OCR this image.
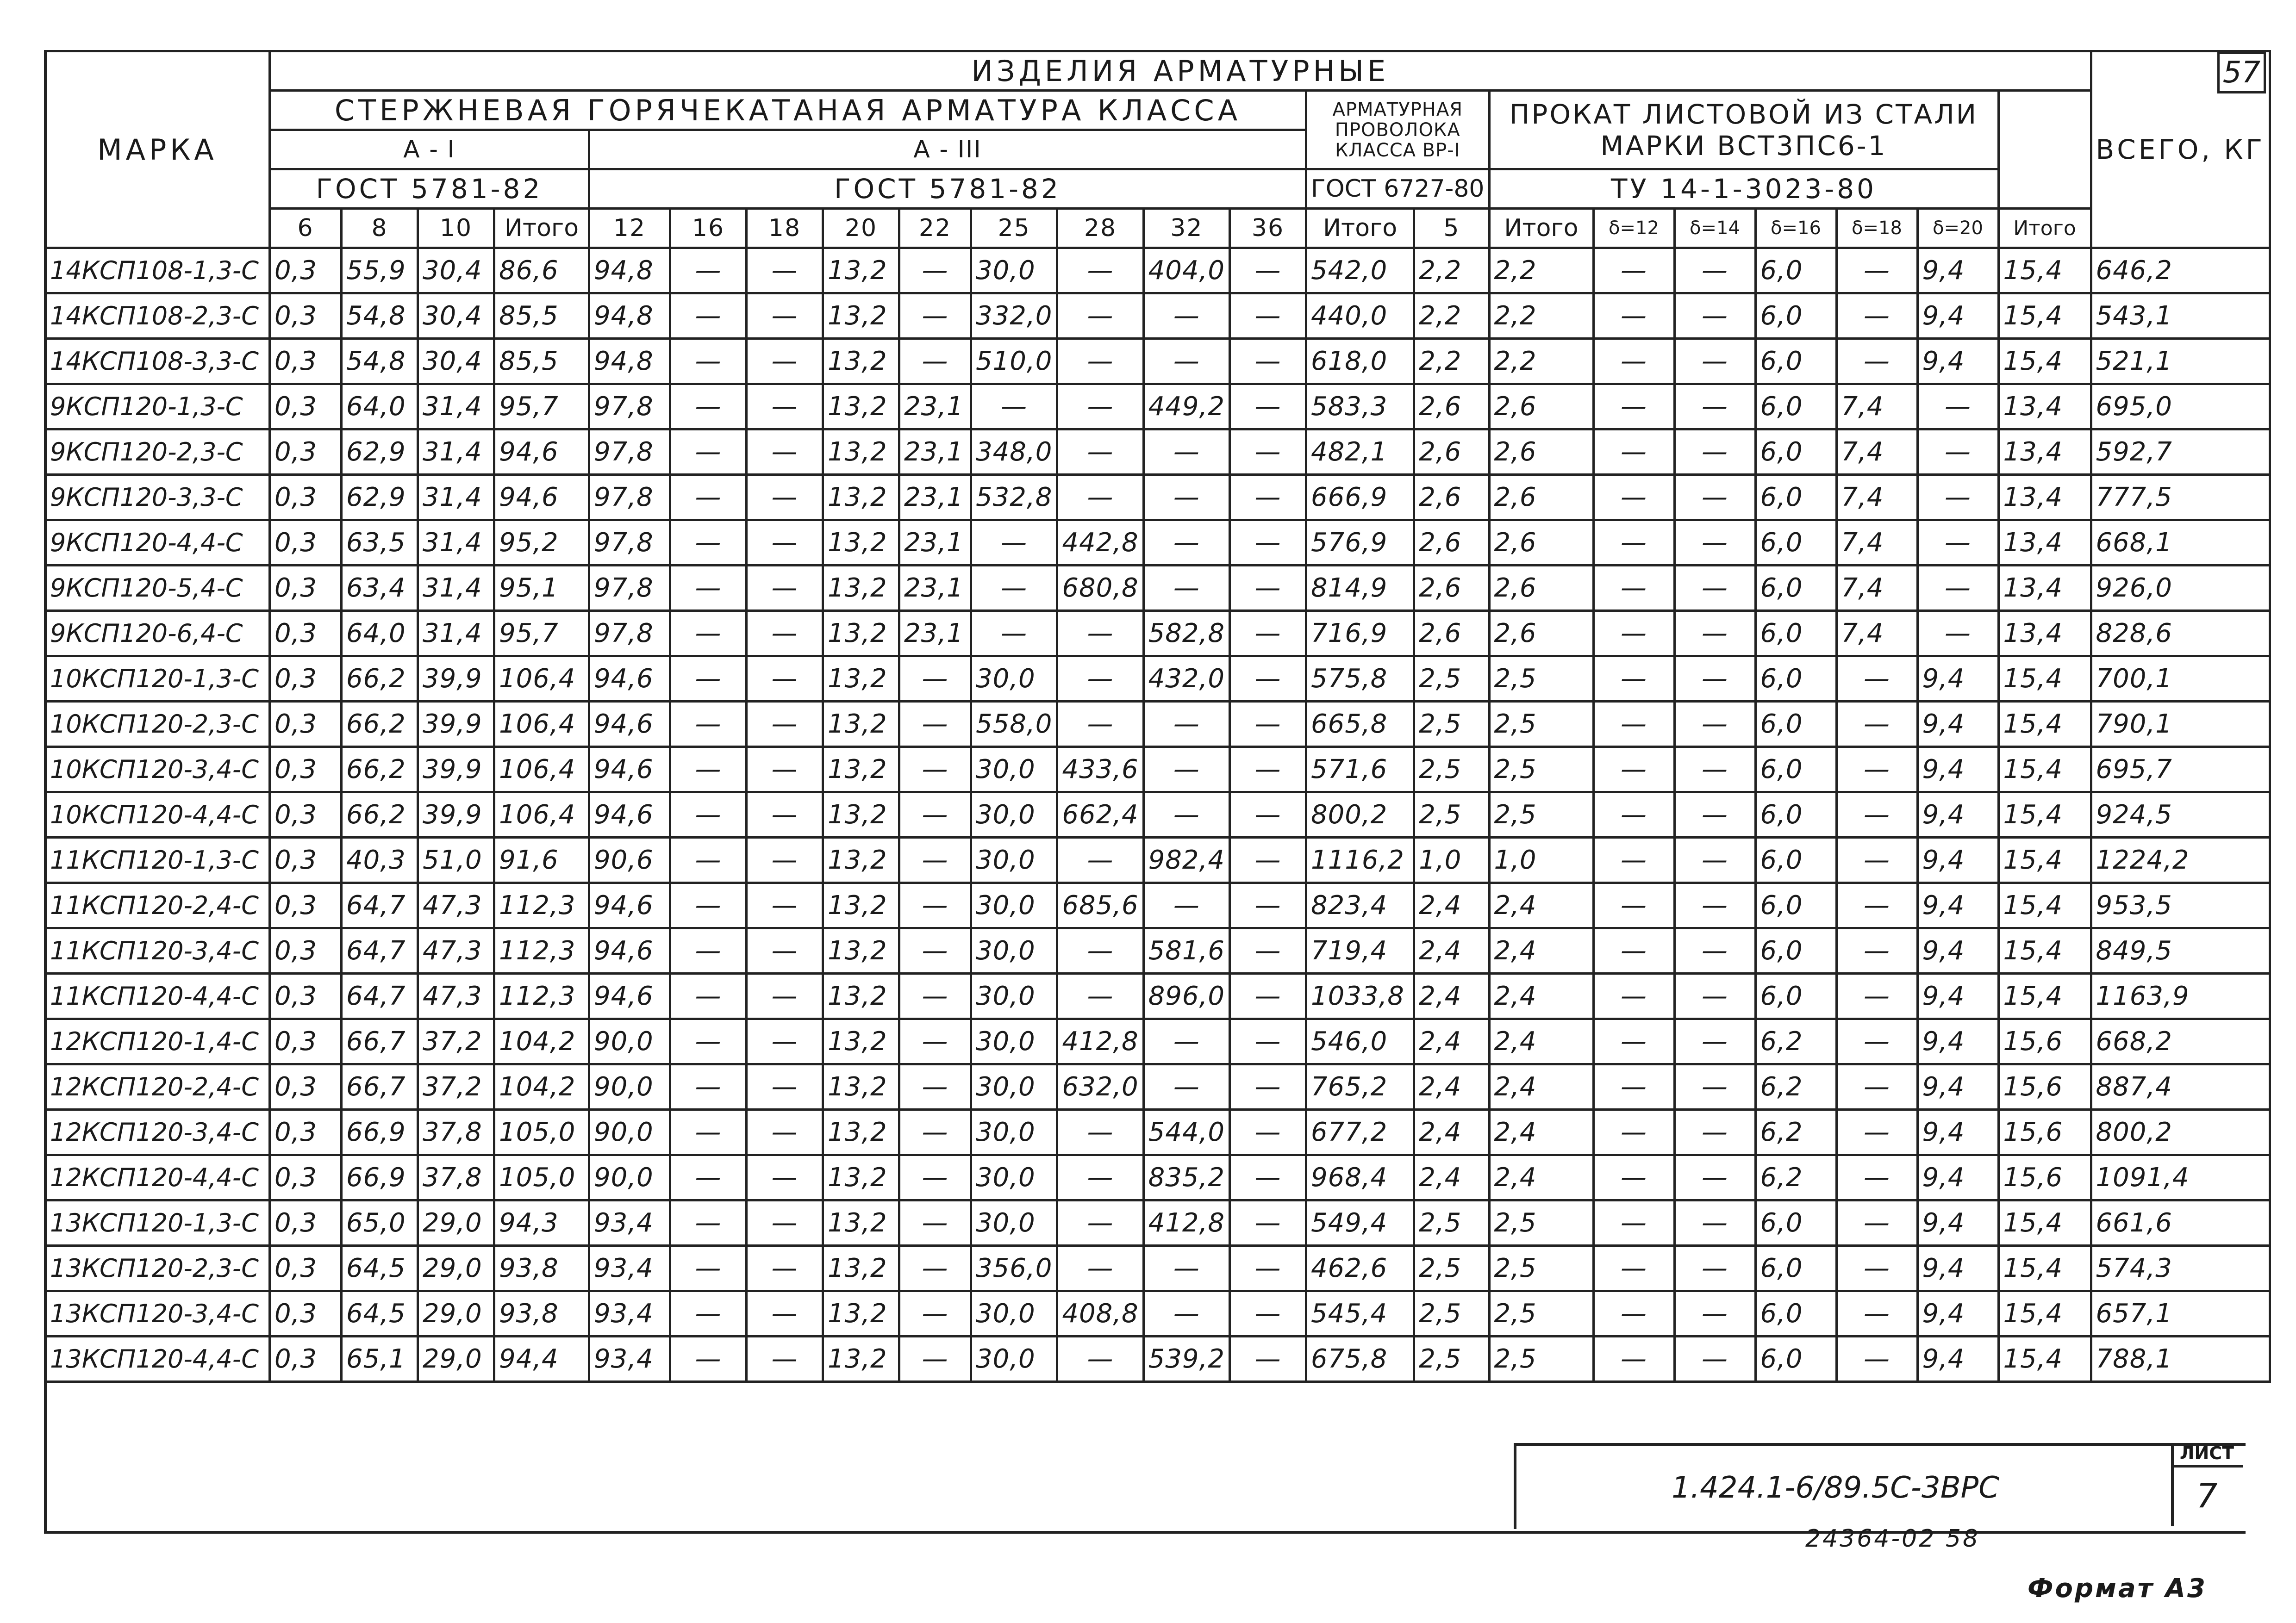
МАРКА	ИЗДЕЛИЯ АРМАТУРНЫЕ																						ВСЕГО, КГ
	СТЕРЖНЕВАЯ ГОРЯЧЕКАТАНАЯ АРМАТУРА КЛАССА													АРМАТУРНАЯ ПРОВОЛОКА КЛАССА ВР-I		ПРОКАТ ЛИСТОВОЙ ИЗ СТАЛИ МАРКИ ВСТ3ПС6-1							
	А - I				А - III																		
	ГОСТ 5781-82				ГОСТ 5781-82									ГОСТ 6727-80		ТУ 14-1-3023-80							
	6	8	10	Итого	12	16	18	20	22	25	28	32	36	Итого	5	Итого	δ=12	δ=14	δ=16	δ=18	δ=20	Итого	
14КСП108-1,3-С	0,3	55,9	30,4	86,6	94,8	—	—	13,2	—	30,0	—	404,0	—	542,0	2,2	2,2	—	—	6,0	—	9,4	15,4	646,2
14КСП108-2,3-С	0,3	54,8	30,4	85,5	94,8	—	—	13,2	—	332,0	—	—	—	440,0	2,2	2,2	—	—	6,0	—	9,4	15,4	543,1
14КСП108-3,3-С	0,3	54,8	30,4	85,5	94,8	—	—	13,2	—	510,0	—	—	—	618,0	2,2	2,2	—	—	6,0	—	9,4	15,4	521,1
9КСП120-1,3-С	0,3	64,0	31,4	95,7	97,8	—	—	13,2	23,1	—	—	449,2	—	583,3	2,6	2,6	—	—	6,0	7,4	—	13,4	695,0
9КСП120-2,3-С	0,3	62,9	31,4	94,6	97,8	—	—	13,2	23,1	348,0	—	—	—	482,1	2,6	2,6	—	—	6,0	7,4	—	13,4	592,7
9КСП120-3,3-С	0,3	62,9	31,4	94,6	97,8	—	—	13,2	23,1	532,8	—	—	—	666,9	2,6	2,6	—	—	6,0	7,4	—	13,4	777,5
9КСП120-4,4-С	0,3	63,5	31,4	95,2	97,8	—	—	13,2	23,1	—	442,8	—	—	576,9	2,6	2,6	—	—	6,0	7,4	—	13,4	668,1
9КСП120-5,4-С	0,3	63,4	31,4	95,1	97,8	—	—	13,2	23,1	—	680,8	—	—	814,9	2,6	2,6	—	—	6,0	7,4	—	13,4	926,0
9КСП120-6,4-С	0,3	64,0	31,4	95,7	97,8	—	—	13,2	23,1	—	—	582,8	—	716,9	2,6	2,6	—	—	6,0	7,4	—	13,4	828,6
10КСП120-1,3-С	0,3	66,2	39,9	106,4	94,6	—	—	13,2	—	30,0	—	432,0	—	575,8	2,5	2,5	—	—	6,0	—	9,4	15,4	700,1
10КСП120-2,3-С	0,3	66,2	39,9	106,4	94,6	—	—	13,2	—	558,0	—	—	—	665,8	2,5	2,5	—	—	6,0	—	9,4	15,4	790,1
10КСП120-3,4-С	0,3	66,2	39,9	106,4	94,6	—	—	13,2	—	30,0	433,6	—	—	571,6	2,5	2,5	—	—	6,0	—	9,4	15,4	695,7
10КСП120-4,4-С	0,3	66,2	39,9	106,4	94,6	—	—	13,2	—	30,0	662,4	—	—	800,2	2,5	2,5	—	—	6,0	—	9,4	15,4	924,5
11КСП120-1,3-С	0,3	40,3	51,0	91,6	90,6	—	—	13,2	—	30,0	—	982,4	—	1116,2	1,0	1,0	—	—	6,0	—	9,4	15,4	1224,2
11КСП120-2,4-С	0,3	64,7	47,3	112,3	94,6	—	—	13,2	—	30,0	685,6	—	—	823,4	2,4	2,4	—	—	6,0	—	9,4	15,4	953,5
11КСП120-3,4-С	0,3	64,7	47,3	112,3	94,6	—	—	13,2	—	30,0	—	581,6	—	719,4	2,4	2,4	—	—	6,0	—	9,4	15,4	849,5
11КСП120-4,4-С	0,3	64,7	47,3	112,3	94,6	—	—	13,2	—	30,0	—	896,0	—	1033,8	2,4	2,4	—	—	6,0	—	9,4	15,4	1163,9
12КСП120-1,4-С	0,3	66,7	37,2	104,2	90,0	—	—	13,2	—	30,0	412,8	—	—	546,0	2,4	2,4	—	—	6,2	—	9,4	15,6	668,2
12КСП120-2,4-С	0,3	66,7	37,2	104,2	90,0	—	—	13,2	—	30,0	632,0	—	—	765,2	2,4	2,4	—	—	6,2	—	9,4	15,6	887,4
12КСП120-3,4-С	0,3	66,9	37,8	105,0	90,0	—	—	13,2	—	30,0	—	544,0	—	677,2	2,4	2,4	—	—	6,2	—	9,4	15,6	800,2
12КСП120-4,4-С	0,3	66,9	37,8	105,0	90,0	—	—	13,2	—	30,0	—	835,2	—	968,4	2,4	2,4	—	—	6,2	—	9,4	15,6	1091,4
13КСП120-1,3-С	0,3	65,0	29,0	94,3	93,4	—	—	13,2	—	30,0	—	412,8	—	549,4	2,5	2,5	—	—	6,0	—	9,4	15,4	661,6
13КСП120-2,3-С	0,3	64,5	29,0	93,8	93,4	—	—	13,2	—	356,0	—	—	—	462,6	2,5	2,5	—	—	6,0	—	9,4	15,4	574,3
13КСП120-3,4-С	0,3	64,5	29,0	93,8	93,4	—	—	13,2	—	30,0	408,8	—	—	545,4	2,5	2,5	—	—	6,0	—	9,4	15,4	657,1
13КСП120-4,4-С	0,3	65,1	29,0	94,4	93,4	—	—	13,2	—	30,0	—	539,2	—	675,8	2,5	2,5	—	—	6,0	—	9,4	15,4	788,1

57
1.424.1-6/89.5С-3ВРС
ЛИСТ
7
24364-02 58
Формат А3
